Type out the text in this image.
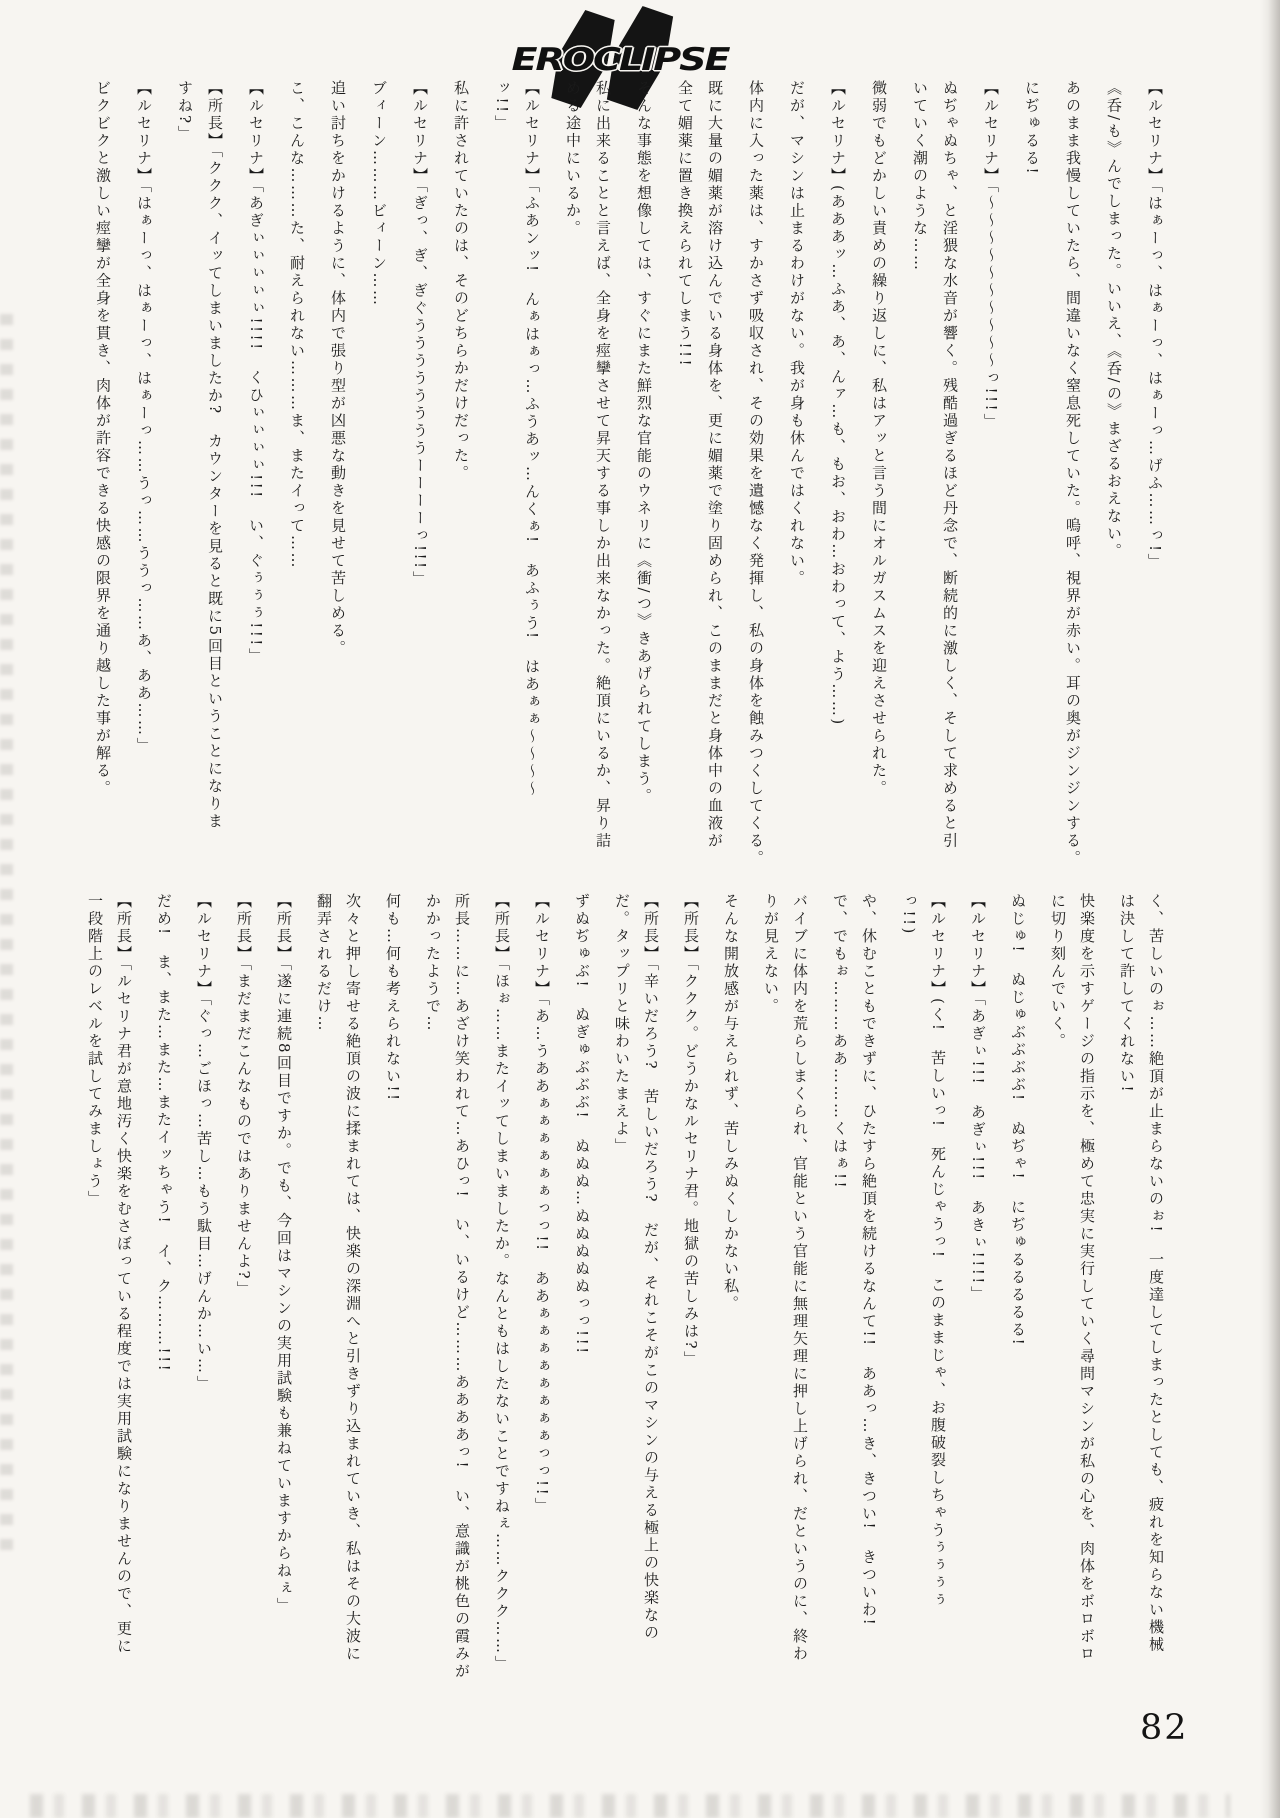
EROCLIPSE

【ルセリナ】「はぁーっ、はぁーっ、はぁーっ…げふ……っ!」

《呑/も》んでしまった。いいえ、《呑/の》まざるおえない。

あのまま我慢していたら、間違いなく窒息死していた。嗚呼、視界が赤い。耳の奥がジンジンする。

にぢゅるる!

【ルセリナ】「〜〜〜〜〜〜〜〜〜〜っ!!!」

ぬぢゃぬちゃ、と淫猥な水音が響く。残酷過ぎるほど丹念で、断続的に激しく、そして求めると引
いていく潮のような……

微弱でもどかしい責めの繰り返しに、私はアッと言う間にオルガスムスを迎えさせられた。

【ルセリナ】(あああッ…ふあ、あ、んァ…も、もお、おわ…おわって、よう……)

だが、マシンは止まるわけがない。我が身も休んではくれない。

体内に入った薬は、すかさず吸収され、その効果を遺憾なく発揮し、私の身体を蝕みつくしてくる。

既に大量の媚薬が溶け込んでいる身体を、更に媚薬で塗り固められ、このままだと身体中の血液が
全て媚薬に置き換えられてしまう!!!

そんな事態を想像しては、すぐにまた鮮烈な官能のウネリに《衝/つ》きあげられてしまう。

私に出来ることと言えば、全身を痙攣させて昇天する事しか出来なかった。絶頂にいるか、昇り詰
める途中にいるか。

【ルセリナ】「ふあンッ!　んぁはぁっ…ふうあッ…んくぁ!　あふぅう!　はあぁぁ〜〜〜〜
ッ!!」

私に許されていたのは、そのどちらかだけだった。

【ルセリナ】「ぎっ、ぎ、ぎぐううううううううーーーーっ!!!」

ブィーン………ビィーン……

追い討ちをかけるように、体内で張り型が凶悪な動きを見せて苦しめる。

こ、こんな………た、耐えられない………ま、またイって……

【ルセリナ】「あぎぃぃぃぃぃ!!!!　くひぃぃぃぃ!!!　い、ぐぅぅぅ!!!」

【所長】「ククク、イッてしまいましたか?　カウンターを見ると既に5回目ということになりま
すね?」

【ルセリナ】「はぁーっ、はぁーっ、はぁーっ……うっ……ううっ……あ、ああ……」

ビクビクと激しい痙攣が全身を貫き、肉体が許容できる快感の限界を通り越した事が解る。

く、苦しいのぉ……絶頂が止まらないのぉ!　一度達してしまったとしても、疲れを知らない機械
は決して許してくれない!

快楽度を示すゲージの指示を、極めて忠実に実行していく尋問マシンが私の心を、肉体をボロボロ
に切り刻んでいく。

ぬじゅ!　ぬじゅぶぶぶぶ!　ぬぢゃ!　にぢゅるるるるる!

【ルセリナ】「あぎぃ!!!　あぎぃ!!!　あきぃ!!!!」

【ルセリナ】(く!　苦しいっ!　死んじゃうっ!　このままじゃ、お腹破裂しちゃうぅぅぅぅ
っ!!)

や、休むこともできずに、ひたすら絶頂を続けるなんて!!　ああっ…き、きつい!　きついわ!
で、でもぉ………ああ………くはぁ!!

バイブに体内を荒らしまくられ、官能という官能に無理矢理に押し上げられ、だというのに、終わ
りが見えない。

そんな開放感が与えられず、苦しみぬくしかない私。

【所長】「ククク。どうかなルセリナ君。地獄の苦しみは?」

【所長】「辛いだろう?　苦しいだろう?　だが、それこそがこのマシンの与える極上の快楽なの
だ。タップリと味わいたまえよ」

ずぬぢゅぶ!　ぬぎゅぶぶぶ!　ぬぬぬ…ぬぬぬぬぬっっ!!!

【ルセリナ】「あ…うああぁぁぁぁぁぁっっ!!　ああぁぁぁぁぁぁぁぁっっ!!」

【所長】「ほぉ……またイッてしまいましたか。なんともはしたないことですねぇ……ククク……」

所長……に…あざけ笑われて…あひっ!　い、いるけど………ああああっ!　い、意識が桃色の霞みが
かかったようで…

何も…何も考えられない!!

次々と押し寄せる絶頂の波に揉まれては、快楽の深淵へと引きずり込まれていき、私はその大波に
翻弄されるだけ…

【所長】「遂に連続8回目ですか。でも、今回はマシンの実用試験も兼ねていますからねぇ」

【所長】「まだまだこんなものではありませんよ?」

【ルセリナ】「ぐっ…ごほっ…苦し…もう駄目…げんか…い…」

だめ!　ま、また…また…またイッちゃう!　イ、ク………!!!

【所長】「ルセリナ君が意地汚く快楽をむさぼっている程度では実用試験になりませんので、更に
一段階上のレベルを試してみましょう」

82
